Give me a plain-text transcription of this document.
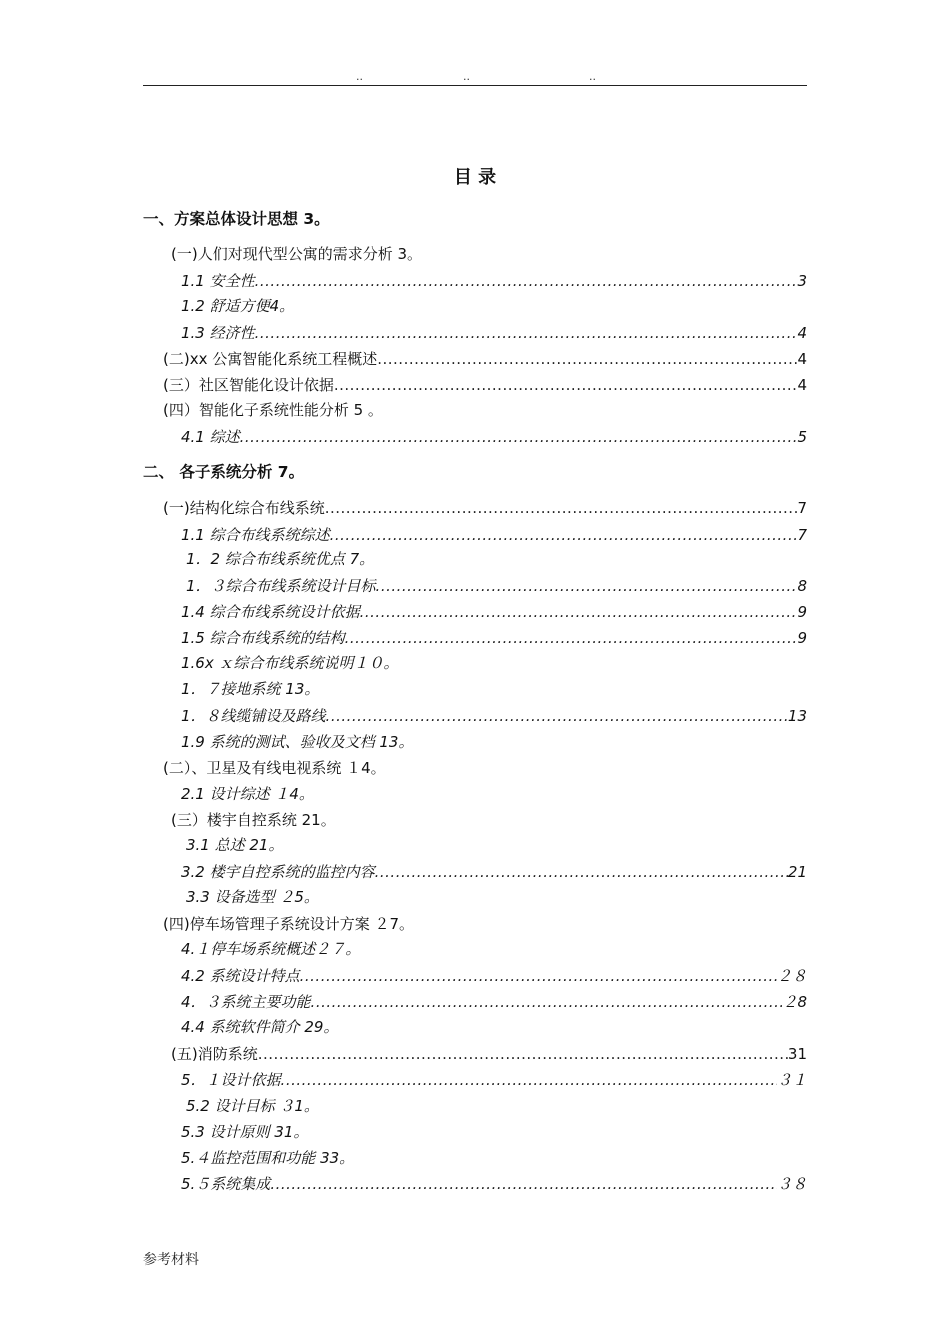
..	..	..
目 录
一、方案总体设计思想 3。
(一)人们对现代型公寓的需求分析 3。
1.1 安全性 .....	3
1.2 舒适方便4。
1.3 经济性 .....	4
(二)xx 公寓智能化系统工程概述 .....	4
(三）社区智能化设计依据 .....	4
(四）智能化子系统性能分析 5 。
4.1 综述 .....	5
二、 各子系统分析 7。
(一)结构化综合布线系统 .....	7
1.1 综合布线系统综述 .....	7
1．2 综合布线系统优点 7。
1．３综合布线系统设计目标 .....	8
1.4 综合布线系统设计依据 .....	9
1.5 综合布线系统的结构 .....	9
1.6x ｘ综合布线系统说明１０。
1．７接地系统 13。
1．８线缆铺设及路线 .....	13
1.9 系统的测试、验收及文档 13。
(二）、卫星及有线电视系统 １4。
2.1 设计综述 １4。
(三）楼宇自控系统 21。
3.1 总述 21。
3.2 楼宇自控系统的监控内容 .....	21
3.3 设备选型 ２5。
(四)停车场管理子系统设计方案 ２7。
4.１停车场系统概述２７。
4.2 系统设计特点 .....	２８
4．３系统主要功能 .....	２8
4.4 系统软件简介 29。
(五)消防系统 .....	31
5．１设计依据 .....	３１
5.2 设计目标 ３1。
5.3 设计原则 31。
5.４监控范围和功能 33。
5.５系统集成 .....	３８
参考材料
